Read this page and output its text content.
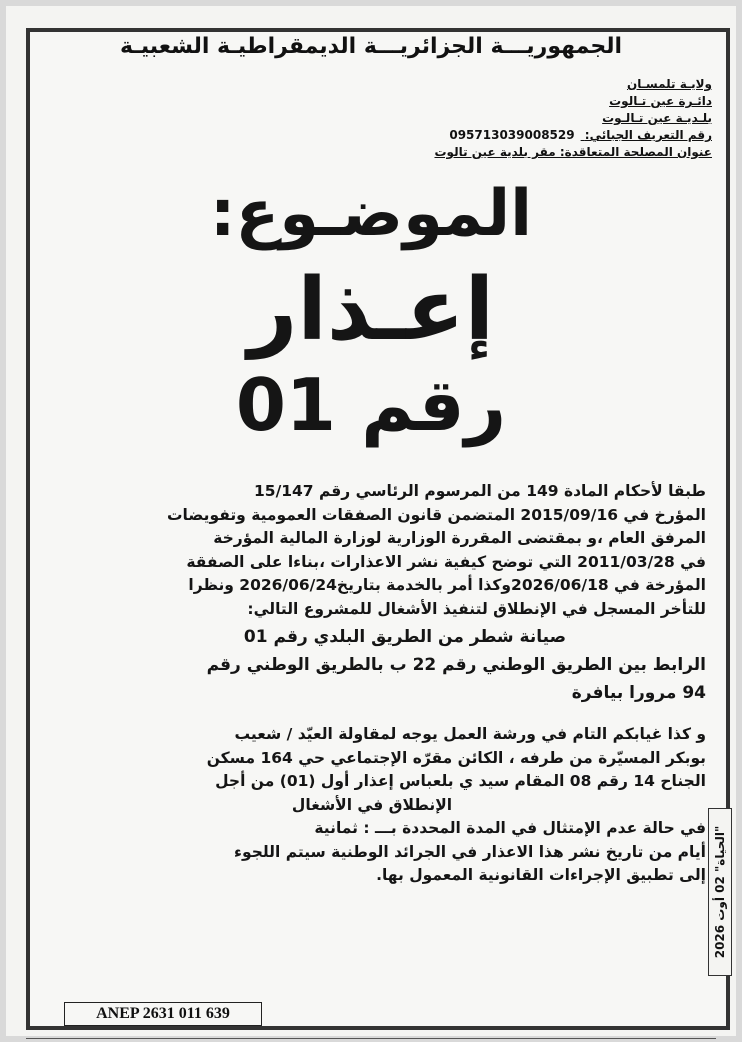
الجمهوريـــة الجزائريـــة الديمقراطيـة الشعبيـة
ولايـة تلمسـان
دائـرة عين تـالوت
بلـديـة عين تـالـوت
رقم التعريف الجبائي: 095713039008529
عنوان المصلحة المتعاقدة: مقر بلدية عين تالوت
الموضـوع:
إعـذار
رقم 01

طبقا لأحكام المادة 149 من المرسوم الرئاسي رقم 15/147

المؤرخ في 2015/09/16 المتضمن قانون الصفقات العمومية وتفويضات

المرفق العام ،و بمقتضى المقررة الوزارية لوزارة المالية المؤرخة

في 2011/03/28 التي توضح كيفية نشر الاعذارات ،بناءا على الصفقة

المؤرخة في 2026/06/18وكذا أمر بالخدمة بتاريخ2026/06/24 ونظرا

للتأخر المسجل في الإنطلاق لتنفيذ الأشغال للمشروع التالي:

صيانة شطر من الطريق البلدي رقم 01

الرابط بين الطريق الوطني رقم 22 ب بالطريق الوطني رقم

94 مرورا بيافرة

و كذا غيابكم التام في ورشة العمل يوجه لمقاولة العيّد / شعيب

بوبكر المسيّرة من طرفه ، الكائن مقرّه الإجتماعي حي 164 مسكن

الجناح 14 رقم 08 المقام سيد ي بلعباس إعذار أول (01) من أجل

الإنطلاق في الأشغال

في حالة عدم الإمتثال في المدة المحددة بـــ : ثمانية

أيام من تاريخ نشر هذا الاعذار في الجرائد الوطنية سيتم اللجوء

إلى تطبيق الإجراءات القانونية المعمول بها.

"الحياة" 02 أوت 2026
ANEP 2631 011 639
